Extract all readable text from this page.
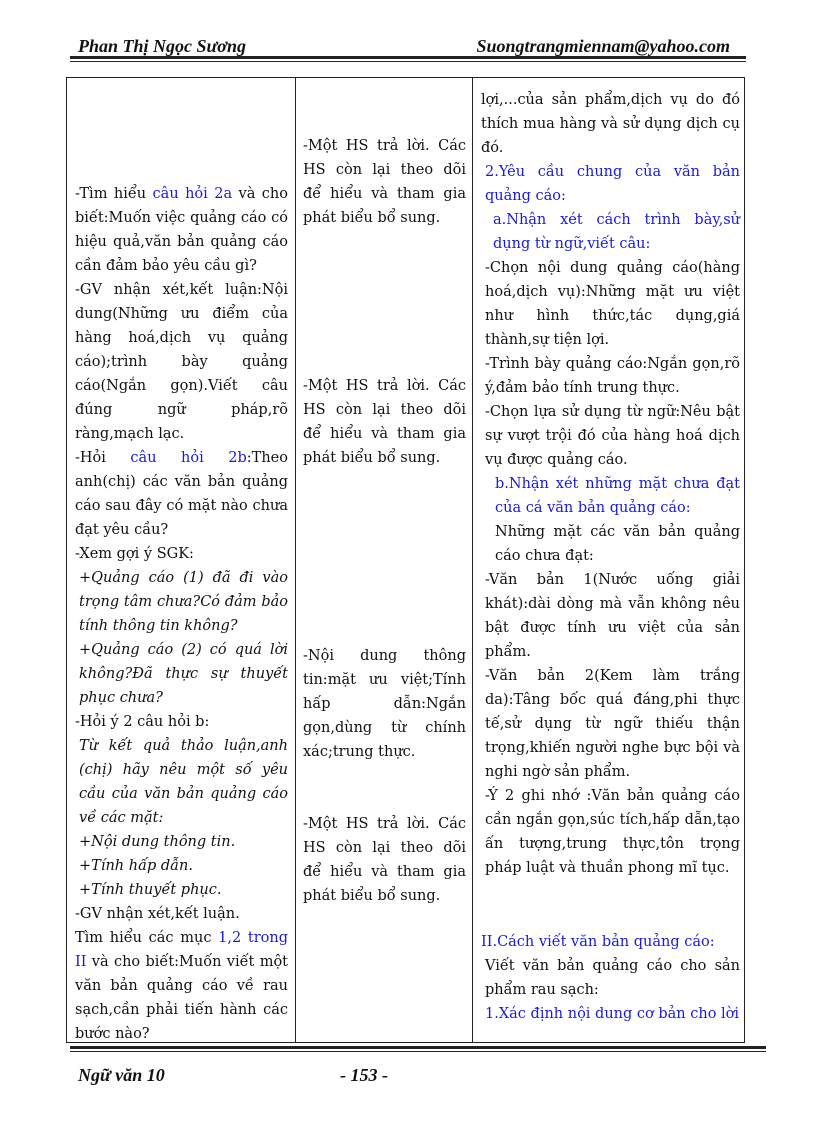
Phan Thị Ngọc Sương	Suongtrangmiennam@yahoo.com

-Tìm hiểu câu hỏi 2a và cho biết:Muốn việc quảng cáo có hiệu quả,văn bản quảng cáo cần đảm bảo yêu cầu gì?

-GV nhận xét,kết luận:Nội dung(Những ưu điểm của hàng hoá,dịch vụ quảng cáo);trình bày quảng cáo(Ngắn gọn).Viết câu đúng ngữ pháp,rõ ràng,mạch lạc.

-Hỏi câu hỏi 2b:Theo anh(chị) các văn bản quảng cáo sau đây có mặt nào chưa đạt yêu cầu?

-Xem gợi ý SGK:

+Quảng cáo (1) đã đi vào trọng tâm chưa?Có đảm bảo tính thông tin không?

+Quảng cáo (2) có quá lời không?Đã thực sự thuyết phục chưa?

-Hỏi ý 2 câu hỏi b:

Từ kết quả thảo luận,anh (chị) hãy nêu một số yêu cầu của văn bản quảng cáo về các mặt:

+Nội dung thông tin.

+Tính hấp dẫn.

+Tính thuyết phục.

-GV nhận xét,kết luận.

Tìm hiểu các mục 1,2 trong II và cho biết:Muốn viết một văn bản quảng cáo về rau sạch,cần phải tiến hành các bước nào?

-Một HS trả lời. Các HS còn lại theo dõi để hiểu và tham gia phát biểu bổ sung.

-Một HS trả lời. Các HS còn lại theo dõi để hiểu và tham gia phát biểu bổ sung.

-Nội dung thông tin:mặt ưu việt;Tính hấp dẫn:Ngắn gọn,dùng từ chính xác;trung thực.

-Một HS trả lời. Các HS còn lại theo dõi để hiểu và tham gia phát biểu bổ sung.

lợi,...của sản phẩm,dịch vụ do đó thích mua hàng và sử dụng dịch cụ đó.

2.Yêu cầu chung của văn bản quảng cáo:

a.Nhận xét cách trình bày,sử dụng từ ngữ,viết câu:

-Chọn nội dung quảng cáo(hàng hoá,dịch vụ):Những mặt ưu việt như hình thức,tác dụng,giá thành,sự tiện lợi.

-Trình bày quảng cáo:Ngắn gọn,rõ ý,đảm bảo tính trung thực.

-Chọn lựa sử dụng từ ngữ:Nêu bật sự vượt trội đó của hàng hoá dịch vụ được quảng cáo.

b.Nhận xét những mặt chưa đạt của cá văn bản quảng cáo:

Những mặt các văn bản quảng cáo chưa đạt:

-Văn bản 1(Nước uống giải khát):dài dòng mà vẫn không nêu bật được tính ưu việt của sản phẩm.

-Văn bản 2(Kem làm trắng da):Tâng bốc quá đáng,phi thực tế,sử dụng từ ngữ thiếu thận trọng,khiến người nghe bực bội và nghi ngờ sản phẩm.

-Ý 2 ghi nhớ :Văn bản quảng cáo cần ngắn gọn,súc tích,hấp dẫn,tạo ấn tượng,trung thực,tôn trọng pháp luật và thuần phong mĩ tục.

II.Cách viết văn bản quảng cáo:

Viết văn bản quảng cáo cho sản phẩm rau sạch:

1.Xác định nội dung cơ bản cho lời

Ngữ văn 10	- 153 -
